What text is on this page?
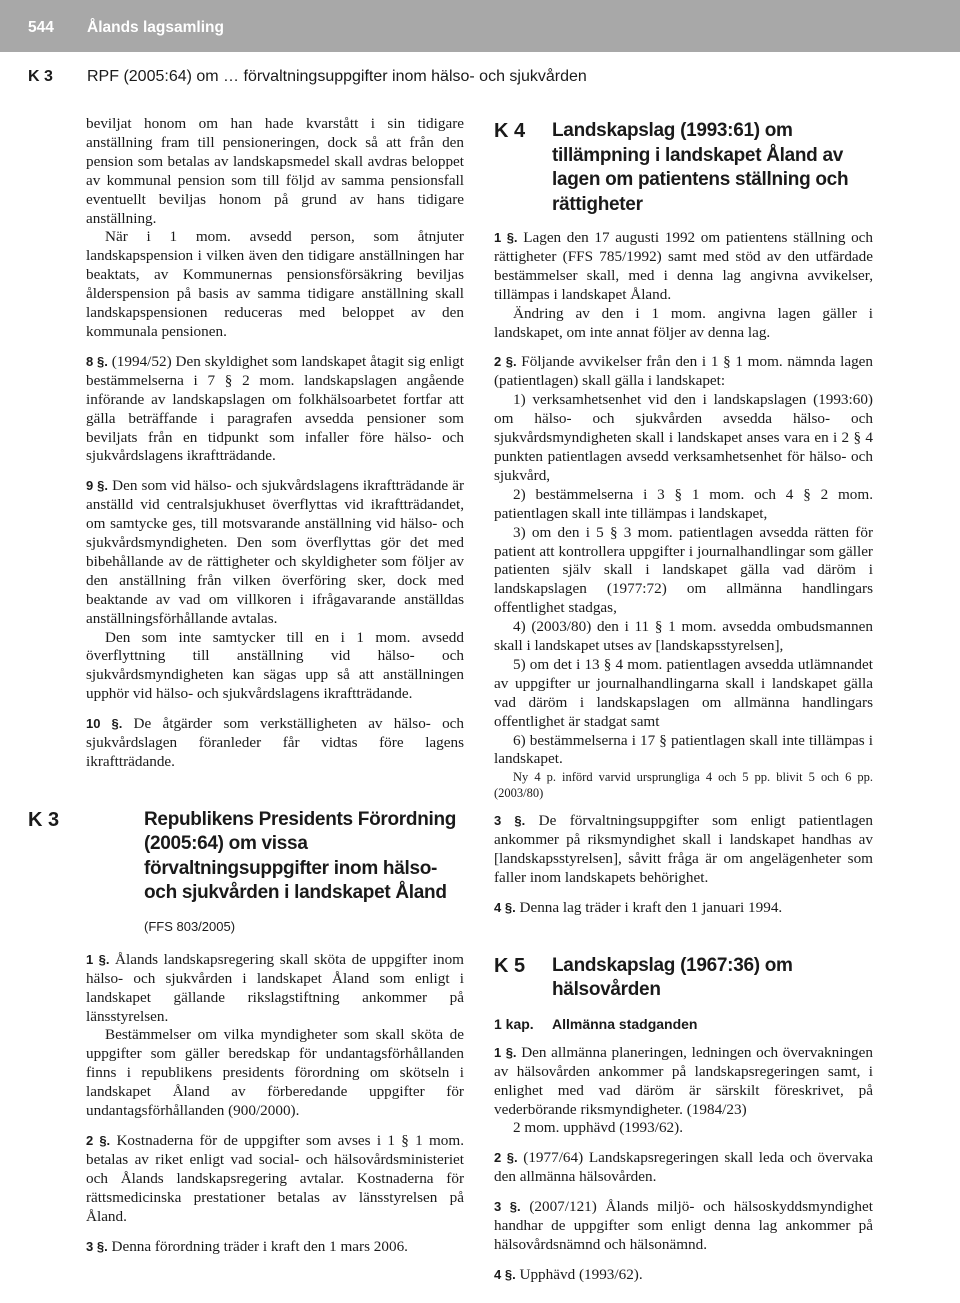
544 Ålands lagsamling
K 3 RPF (2005:64) om … förvaltningsuppgifter inom hälso- och sjukvården

beviljat honom om han hade kvarstått i sin tidigare anställning fram till pensioneringen, dock så att från den pension som betalas av landskapsmedel skall avdras beloppet av kommunal pension som till följd av samma pensionsfall eventuellt beviljas honom på grund av hans tidigare anställning.

När i 1 mom. avsedd person, som åtnjuter landskapspension i vilken även den tidigare anställningen har beaktats, av Kommunernas pensionsförsäkring beviljas ålderspension på basis av samma tidigare anställning skall landskapspensionen reduceras med beloppet av den kommunala pensionen.

8 §. (1994/52) Den skyldighet som landskapet åtagit sig enligt bestämmelserna i 7 § 2 mom. landskapslagen angående införande av landskapslagen om folkhälsoarbetet fortfar att gälla beträffande i paragrafen avsedda pensioner som beviljats från en tidpunkt som infaller före hälso- och sjukvårdslagens ikraftträdande.

9 §. Den som vid hälso- och sjukvårdslagens ikraftträdande är anställd vid centralsjukhuset överflyttas vid ikraftträdandet, om samtycke ges, till motsvarande anställning vid hälso- och sjukvårdsmyndigheten. Den som överflyttas gör det med bibehållande av de rättigheter och skyldigheter som följer av den anställning från vilken överföring sker, dock med beaktande av vad om villkoren i ifrågavarande anställdas anställningsförhållande avtalas.

Den som inte samtycker till en i 1 mom. avsedd överflyttning till anställning vid hälso- och sjukvårdsmyndigheten kan sägas upp så att anställningen upphör vid hälso- och sjukvårdslagens ikraftträdande.

10 §. De åtgärder som verkställigheten av hälso- och sjukvårdslagen föranleder får vidtas före lagens ikraftträdande.

K 3	Republikens Presidents Förordning (2005:64) om vissa förvaltningsuppgifter inom hälso- och sjukvården i landskapet Åland
(FFS 803/2005)

1 §. Ålands landskapsregering skall sköta de uppgifter inom hälso- och sjukvården i landskapet Åland som enligt i landskapet gällande rikslagstiftning ankommer på länsstyrelsen.

Bestämmelser om vilka myndigheter som skall sköta de uppgifter som gäller beredskap för undantagsförhållanden finns i republikens presidents förordning om skötseln i landskapet Åland av förberedande uppgifter för undantagsförhållanden (900/2000).

2 §. Kostnaderna för de uppgifter som avses i 1 § 1 mom. betalas av riket enligt vad social- och hälsovårdsministeriet och Ålands landskapsregering avtalar. Kostnaderna för rättsmedicinska prestationer betalas av länsstyrelsen på Åland.

3 §. Denna förordning träder i kraft den 1 mars 2006.

K 4 Landskapslag (1993:61) om tillämpning i landskapet Åland av lagen om patientens ställning och rättigheter

1 §. Lagen den 17 augusti 1992 om patientens ställning och rättigheter (FFS 785/1992) samt med stöd av den utfärdade bestämmelser skall, med i denna lag angivna avvikelser, tillämpas i landskapet Åland.

Ändring av den i 1 mom. angivna lagen gäller i landskapet, om inte annat följer av denna lag.

2 §. Följande avvikelser från den i 1 § 1 mom. nämnda lagen (patientlagen) skall gälla i landskapet:

1) verksamhetsenhet vid den i landskapslagen (1993:60) om hälso- och sjukvården avsedda hälso- och sjukvårdsmyndigheten skall i landskapet anses vara en i 2 § 4 punkten patientlagen avsedd verksamhetsenhet för hälso- och sjukvård,

2) bestämmelserna i 3 § 1 mom. och 4 § 2 mom. patientlagen skall inte tillämpas i landskapet,

3) om den i 5 § 3 mom. patientlagen avsedda rätten för patient att kontrollera uppgifter i journalhandlingar som gäller patienten själv skall i landskapet gälla vad däröm i landskapslagen (1977:72) om allmänna handlingars offentlighet stadgas,

4) (2003/80) den i 11 § 1 mom. avsedda ombudsmannen skall i landskapet utses av [landskapsstyrelsen],

5) om det i 13 § 4 mom. patientlagen avsedda utlämnandet av uppgifter ur journalhandlingarna skall i landskapet gälla vad däröm i landskapslagen om allmänna handlingars offentlighet är stadgat samt

6) bestämmelserna i 17 § patientlagen skall inte tillämpas i landskapet.

Ny 4 p. införd varvid ursprungliga 4 och 5 pp. blivit 5 och 6 pp. (2003/80)

3 §. De förvaltningsuppgifter som enligt patientlagen ankommer på riksmyndighet skall i landskapet handhas av [landskapsstyrelsen], såvitt fråga är om angelägenheter som faller inom landskapets behörighet.

4 §. Denna lag träder i kraft den 1 januari 1994.

K 5 Landskapslag (1967:36) om hälsovården
1 kap. Allmänna stadganden

1 §. Den allmänna planeringen, ledningen och övervakningen av hälsovården ankommer på landskapsregeringen samt, i enlighet med vad däröm är särskilt föreskrivet, på vederbörande riksmyndigheter. (1984/23)

2 mom. upphävd (1993/62).

2 §. (1977/64) Landskapsregeringen skall leda och övervaka den allmänna hälsovården.

3 §. (2007/121) Ålands miljö- och hälsoskyddsmyndighet handhar de uppgifter som enligt denna lag ankommer på hälsovårdsnämnd och hälsonämnd.

4 §. Upphävd (1993/62).
